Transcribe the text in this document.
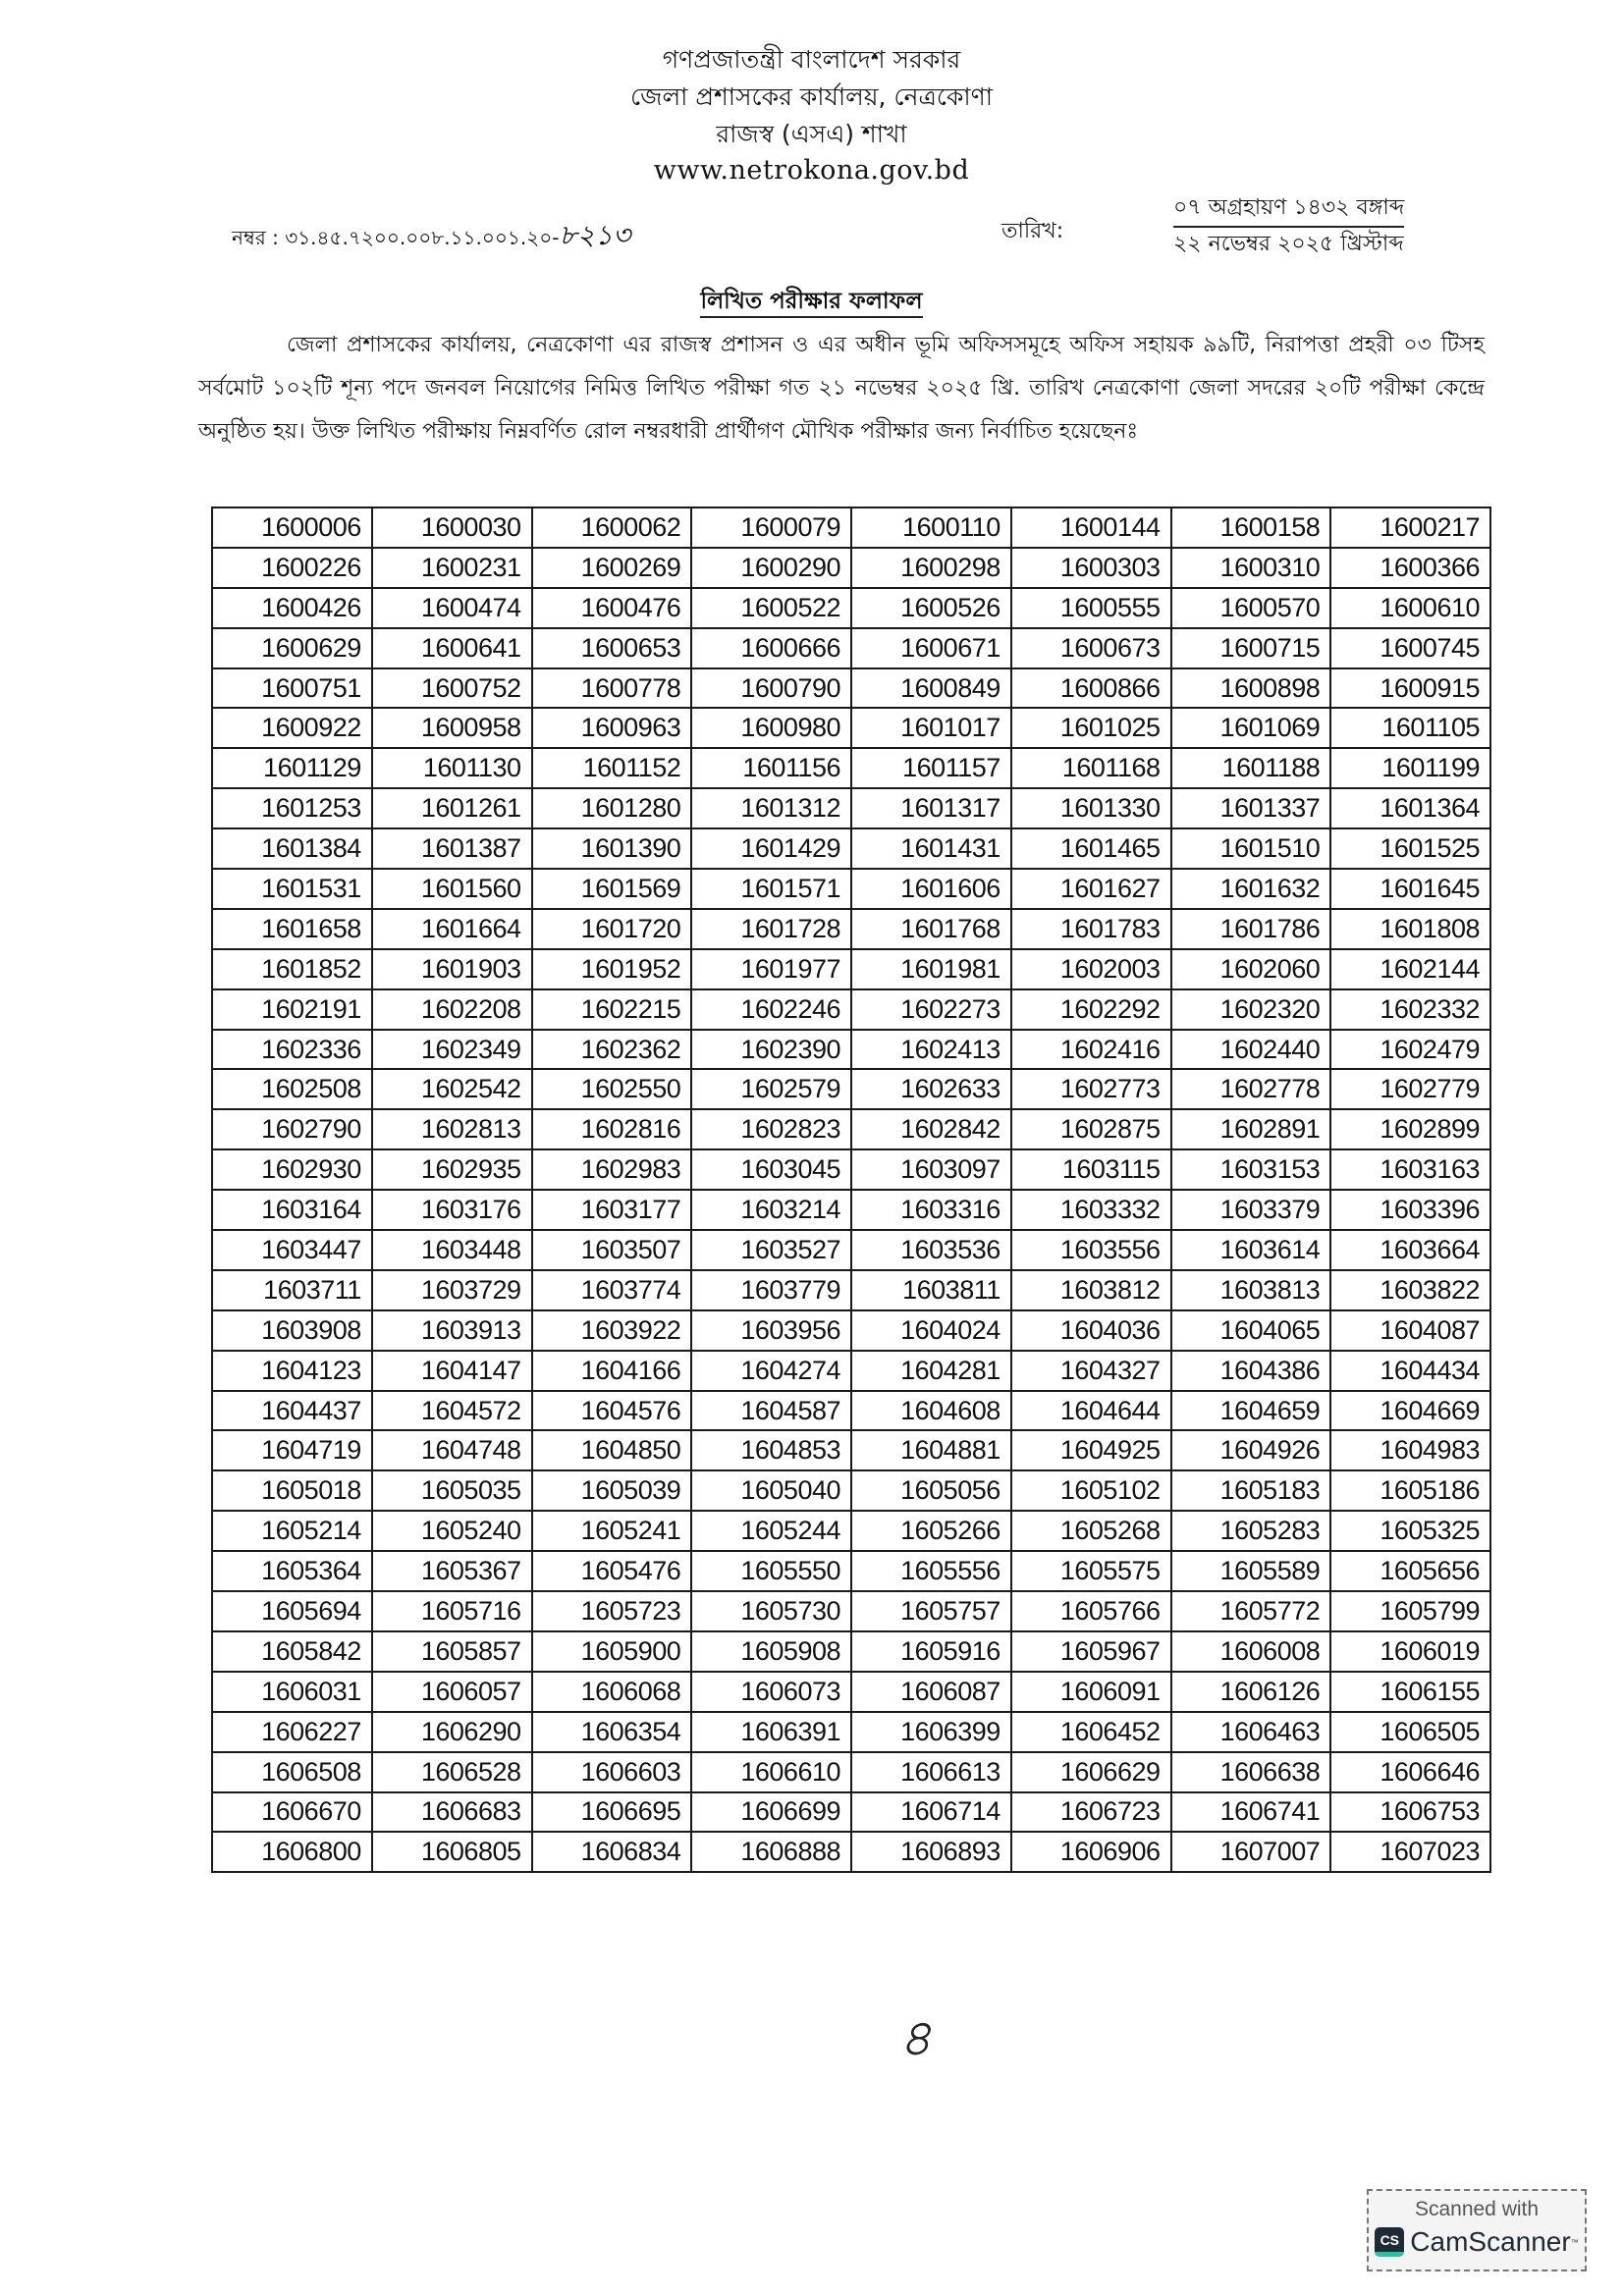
গণপ্রজাতন্ত্রী বাংলাদেশ সরকার
জেলা প্রশাসকের কার্যালয়, নেত্রকোণা
রাজস্ব (এসএ) শাখা
www.netrokona.gov.bd
নম্বর : ৩১.৪৫.৭২০০.০০৮.১১.০০১.২০-৮২১৩	তারিখ:
০৭ অগ্রহায়ণ ১৪৩২ বঙ্গাব্দ
২২ নভেম্বর ২০২৫ খ্রিস্টাব্দ
লিখিত পরীক্ষার ফলাফল
জেলা প্রশাসকের কার্যালয়, নেত্রকোণা এর রাজস্ব প্রশাসন ও এর অধীন ভূমি অফিসসমূহে অফিস সহায়ক ৯৯টি, নিরাপত্তা প্রহরী ০৩ টিসহ সর্বমোট ১০২টি শূন্য পদে জনবল নিয়োগের নিমিত্ত লিখিত পরীক্ষা গত ২১ নভেম্বর ২০২৫ খ্রি. তারিখ নেত্রকোণা জেলা সদরের ২০টি পরীক্ষা কেন্দ্রে অনুষ্ঠিত হয়। উক্ত লিখিত পরীক্ষায় নিম্নবর্ণিত রোল নম্বরধারী প্রার্থীগণ মৌখিক পরীক্ষার জন্য নির্বাচিত হয়েছেনঃ
1600006	1600030	1600062	1600079	1600110	1600144	1600158	1600217
1600226	1600231	1600269	1600290	1600298	1600303	1600310	1600366
1600426	1600474	1600476	1600522	1600526	1600555	1600570	1600610
1600629	1600641	1600653	1600666	1600671	1600673	1600715	1600745
1600751	1600752	1600778	1600790	1600849	1600866	1600898	1600915
1600922	1600958	1600963	1600980	1601017	1601025	1601069	1601105
1601129	1601130	1601152	1601156	1601157	1601168	1601188	1601199
1601253	1601261	1601280	1601312	1601317	1601330	1601337	1601364
1601384	1601387	1601390	1601429	1601431	1601465	1601510	1601525
1601531	1601560	1601569	1601571	1601606	1601627	1601632	1601645
1601658	1601664	1601720	1601728	1601768	1601783	1601786	1601808
1601852	1601903	1601952	1601977	1601981	1602003	1602060	1602144
1602191	1602208	1602215	1602246	1602273	1602292	1602320	1602332
1602336	1602349	1602362	1602390	1602413	1602416	1602440	1602479
1602508	1602542	1602550	1602579	1602633	1602773	1602778	1602779
1602790	1602813	1602816	1602823	1602842	1602875	1602891	1602899
1602930	1602935	1602983	1603045	1603097	1603115	1603153	1603163
1603164	1603176	1603177	1603214	1603316	1603332	1603379	1603396
1603447	1603448	1603507	1603527	1603536	1603556	1603614	1603664
1603711	1603729	1603774	1603779	1603811	1603812	1603813	1603822
1603908	1603913	1603922	1603956	1604024	1604036	1604065	1604087
1604123	1604147	1604166	1604274	1604281	1604327	1604386	1604434
1604437	1604572	1604576	1604587	1604608	1604644	1604659	1604669
1604719	1604748	1604850	1604853	1604881	1604925	1604926	1604983
1605018	1605035	1605039	1605040	1605056	1605102	1605183	1605186
1605214	1605240	1605241	1605244	1605266	1605268	1605283	1605325
1605364	1605367	1605476	1605550	1605556	1605575	1605589	1605656
1605694	1605716	1605723	1605730	1605757	1605766	1605772	1605799
1605842	1605857	1605900	1605908	1605916	1605967	1606008	1606019
1606031	1606057	1606068	1606073	1606087	1606091	1606126	1606155
1606227	1606290	1606354	1606391	1606399	1606452	1606463	1606505
1606508	1606528	1606603	1606610	1606613	1606629	1606638	1606646
1606670	1606683	1606695	1606699	1606714	1606723	1606741	1606753
1606800	1606805	1606834	1606888	1606893	1606906	1607007	1607023
৪
Scanned with
CS CamScanner ™
